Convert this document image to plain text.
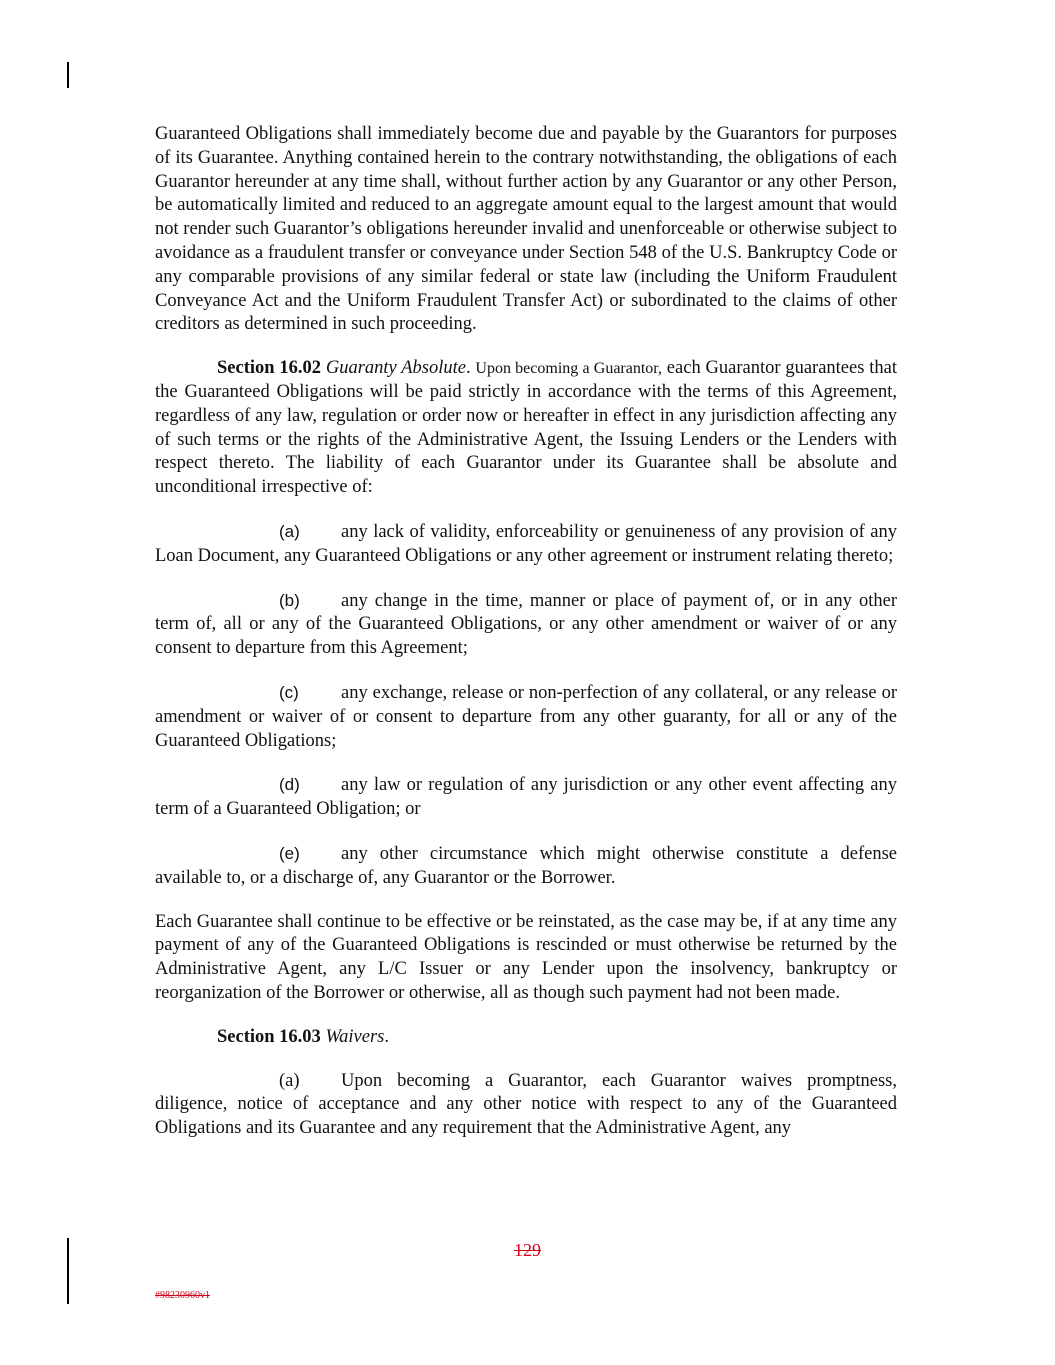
Guaranteed Obligations shall immediately become due and payable by the Guarantors for purposes of its Guarantee. Anything contained herein to the contrary notwithstanding, the obligations of each Guarantor hereunder at any time shall, without further action by any Guarantor or any other Person, be automatically limited and reduced to an aggregate amount equal to the largest amount that would not render such Guarantor’s obligations hereunder invalid and unenforceable or otherwise subject to avoidance as a fraudulent transfer or conveyance under Section 548 of the U.S. Bankruptcy Code or any comparable provisions of any similar federal or state law (including the Uniform Fraudulent Conveyance Act and the Uniform Fraudulent Transfer Act) or subordinated to the claims of other creditors as determined in such proceeding.

Section 16.02 Guaranty Absolute. Upon becoming a Guarantor, each Guarantor guarantees that the Guaranteed Obligations will be paid strictly in accordance with the terms of this Agreement, regardless of any law, regulation or order now or hereafter in effect in any jurisdiction affecting any of such terms or the rights of the Administrative Agent, the Issuing Lenders or the Lenders with respect thereto. The liability of each Guarantor under its Guarantee shall be absolute and unconditional irrespective of:

(a) any lack of validity, enforceability or genuineness of any provision of any Loan Document, any Guaranteed Obligations or any other agreement or instrument relating thereto;

(b) any change in the time, manner or place of payment of, or in any other term of, all or any of the Guaranteed Obligations, or any other amendment or waiver of or any consent to departure from this Agreement;

(c) any exchange, release or non-perfection of any collateral, or any release or amendment or waiver of or consent to departure from any other guaranty, for all or any of the Guaranteed Obligations;

(d) any law or regulation of any jurisdiction or any other event affecting any term of a Guaranteed Obligation; or

(e) any other circumstance which might otherwise constitute a defense available to, or a discharge of, any Guarantor or the Borrower.

Each Guarantee shall continue to be effective or be reinstated, as the case may be, if at any time any payment of any of the Guaranteed Obligations is rescinded or must otherwise be returned by the Administrative Agent, any L/C Issuer or any Lender upon the insolvency, bankruptcy or reorganization of the Borrower or otherwise, all as though such payment had not been made.

Section 16.03 Waivers.

(a) Upon becoming a Guarantor, each Guarantor waives promptness, diligence, notice of acceptance and any other notice with respect to any of the Guaranteed Obligations and its Guarantee and any requirement that the Administrative Agent, any

129
#98230960v1
